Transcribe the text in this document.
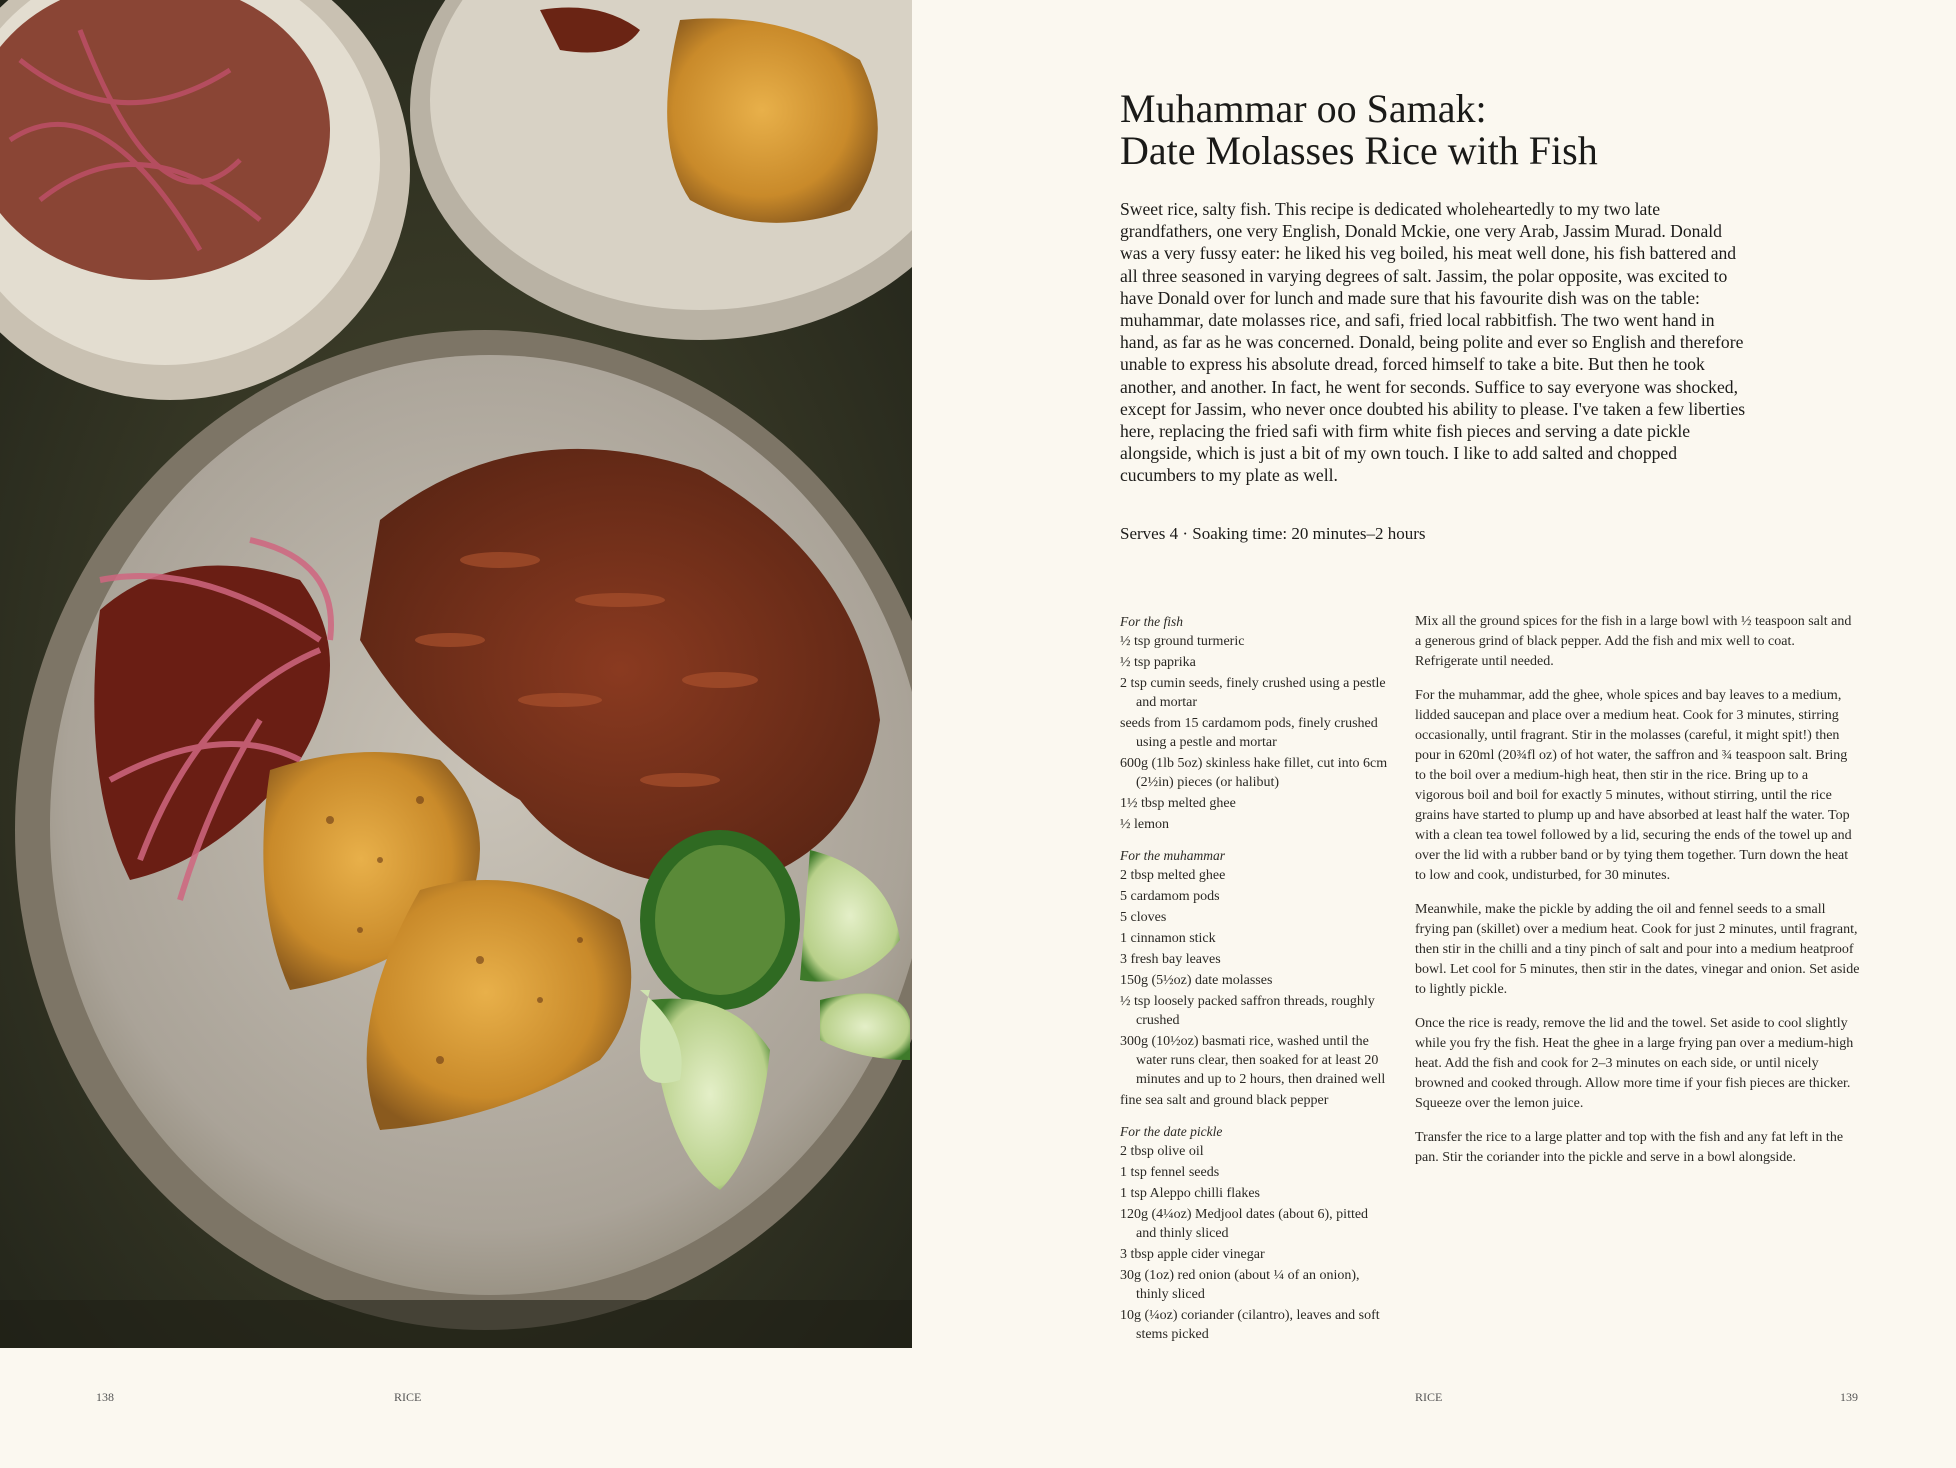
Muhammar oo Samak:
Date Molasses Rice with Fish

Sweet rice, salty fish. This recipe is dedicated wholeheartedly to my two late grandfathers, one very English, Donald Mckie, one very Arab, Jassim Murad. Donald was a very fussy eater: he liked his veg boiled, his meat well done, his fish battered and all three seasoned in varying degrees of salt. Jassim, the polar opposite, was excited to have Donald over for lunch and made sure that his favourite dish was on the table: muhammar, date molasses rice, and safi, fried local rabbitfish. The two went hand in hand, as far as he was concerned. Donald, being polite and ever so English and therefore unable to express his absolute dread, forced himself to take a bite. But then he took another, and another. In fact, he went for seconds. Suffice to say everyone was shocked, except for Jassim, who never once doubted his ability to please. I've taken a few liberties here, replacing the fried safi with firm white fish pieces and serving a date pickle alongside, which is just a bit of my own touch. I like to add salted and chopped cucumbers to my plate as well.

Serves 4 · Soaking time: 20 minutes–2 hours

For the fish
½ tsp ground turmeric
½ tsp paprika
2 tsp cumin seeds, finely crushed using a pestle and mortar
seeds from 15 cardamom pods, finely crushed using a pestle and mortar
600g (1lb 5oz) skinless hake fillet, cut into 6cm (2½in) pieces (or halibut)
1½ tbsp melted ghee
½ lemon
For the muhammar
2 tbsp melted ghee
5 cardamom pods
5 cloves
1 cinnamon stick
3 fresh bay leaves
150g (5½oz) date molasses
½ tsp loosely packed saffron threads, roughly crushed
300g (10½oz) basmati rice, washed until the water runs clear, then soaked for at least 20 minutes and up to 2 hours, then drained well
fine sea salt and ground black pepper
For the date pickle
2 tbsp olive oil
1 tsp fennel seeds
1 tsp Aleppo chilli flakes
120g (4¼oz) Medjool dates (about 6), pitted and thinly sliced
3 tbsp apple cider vinegar
30g (1oz) red onion (about ¼ of an onion), thinly sliced
10g (¼oz) coriander (cilantro), leaves and soft stems picked

Mix all the ground spices for the fish in a large bowl with ½ teaspoon salt and a generous grind of black pepper. Add the fish and mix well to coat. Refrigerate until needed.

For the muhammar, add the ghee, whole spices and bay leaves to a medium, lidded saucepan and place over a medium heat. Cook for 3 minutes, stirring occasionally, until fragrant. Stir in the molasses (careful, it might spit!) then pour in 620ml (20¾fl oz) of hot water, the saffron and ¾ teaspoon salt. Bring to the boil over a medium-high heat, then stir in the rice. Bring up to a vigorous boil and boil for exactly 5 minutes, without stirring, until the rice grains have started to plump up and have absorbed at least half the water. Top with a clean tea towel followed by a lid, securing the ends of the towel up and over the lid with a rubber band or by tying them together. Turn down the heat to low and cook, undisturbed, for 30 minutes.

Meanwhile, make the pickle by adding the oil and fennel seeds to a small frying pan (skillet) over a medium heat. Cook for just 2 minutes, until fragrant, then stir in the chilli and a tiny pinch of salt and pour into a medium heatproof bowl. Let cool for 5 minutes, then stir in the dates, vinegar and onion. Set aside to lightly pickle.

Once the rice is ready, remove the lid and the towel. Set aside to cool slightly while you fry the fish. Heat the ghee in a large frying pan over a medium-high heat. Add the fish and cook for 2–3 minutes on each side, or until nicely browned and cooked through. Allow more time if your fish pieces are thicker. Squeeze over the lemon juice.

Transfer the rice to a large platter and top with the fish and any fat left in the pan. Stir the coriander into the pickle and serve in a bowl alongside.

138	RICE	RICE	139
